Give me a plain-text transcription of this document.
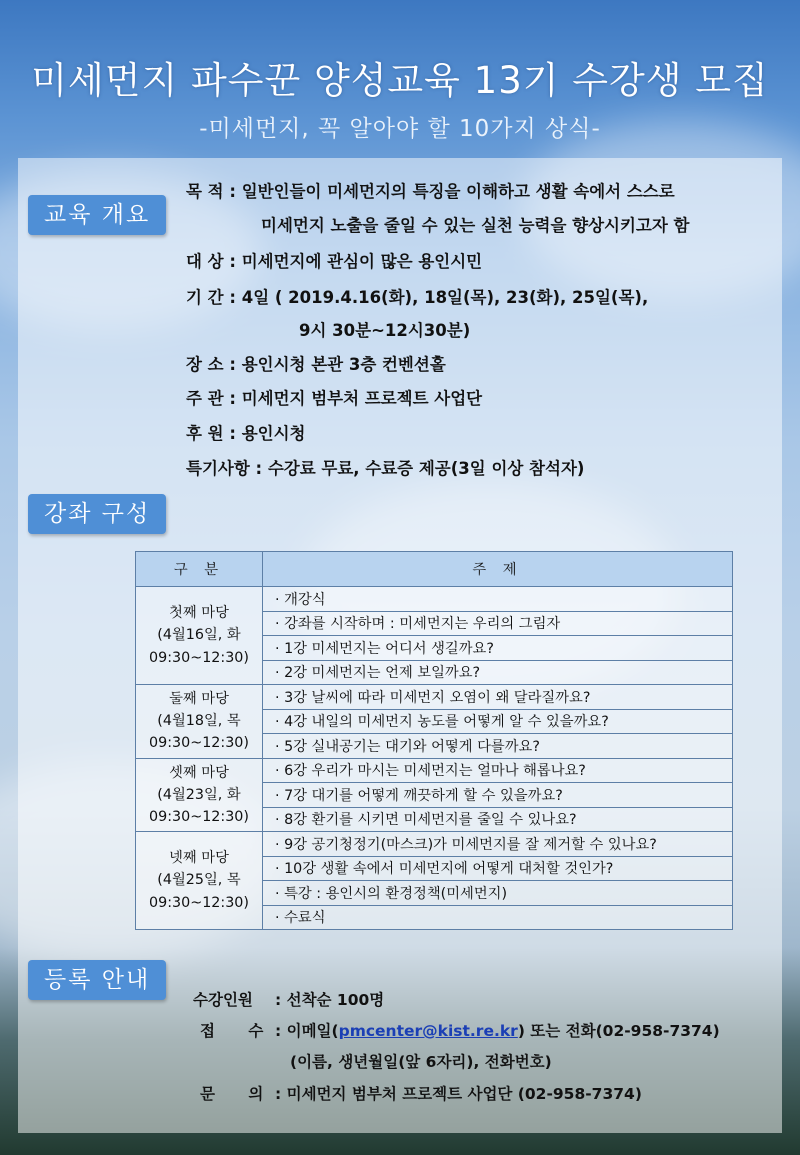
미세먼지 파수꾼 양성교육 13기 수강생 모집
-미세먼지, 꼭 알아야 할 10가지 상식-
교육 개요
목 적 : 일반인들이 미세먼지의 특징을 이해하고 생활 속에서 스스로
미세먼지 노출을 줄일 수 있는 실천 능력을 향상시키고자 함
대 상 : 미세먼지에 관심이 많은 용인시민
기 간 : 4일 ( 2019.4.16(화), 18일(목), 23(화), 25일(목),
9시 30분~12시30분)
장 소 : 용인시청 본관 3층 컨벤션홀
주 관 : 미세먼지 범부처 프로젝트 사업단
후 원 : 용인시청
특기사항 : 수강료 무료, 수료증 제공(3일 이상 참석자)
강좌 구성
구 분	주 제

첫째 마당
(4월16일, 화
09:30~12:30)	· 개강식
	· 강좌를 시작하며 : 미세먼지는 우리의 그림자
	· 1강 미세먼지는 어디서 생길까요?
	· 2강 미세먼지는 언제 보일까요?

둘째 마당
(4월18일, 목
09:30~12:30)	· 3강 날씨에 따라 미세먼지 오염이 왜 달라질까요?
	· 4강 내일의 미세먼지 농도를 어떻게 알 수 있을까요?
	· 5강 실내공기는 대기와 어떻게 다를까요?

셋째 마당
(4월23일, 화
09:30~12:30)	· 6강 우리가 마시는 미세먼지는 얼마나 해롭나요?
	· 7강 대기를 어떻게 깨끗하게 할 수 있을까요?
	· 8강 환기를 시키면 미세먼지를 줄일 수 있나요?

넷째 마당
(4월25일, 목
09:30~12:30)	· 9강 공기청정기(마스크)가 미세먼지를 잘 제거할 수 있나요?
	· 10강 생활 속에서 미세먼지에 어떻게 대처할 것인가?
	· 특강 : 용인시의 환경정책(미세먼지)
	· 수료식
등록 안내
수강인원 : 선착순 100명
접 수 : 이메일(pmcenter@kist.re.kr) 또는 전화(02-958-7374)
(이름, 생년월일(앞 6자리), 전화번호)
문 의 : 미세먼지 범부처 프로젝트 사업단 (02-958-7374)
